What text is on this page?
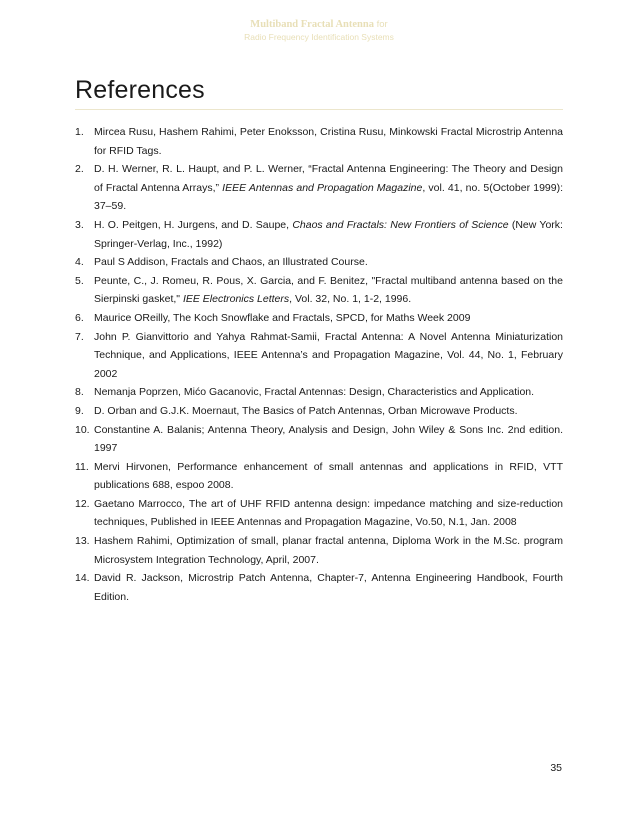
Multiband Fractal Antenna for
Radio Frequency Identification Systems
References
1. Mircea Rusu, Hashem Rahimi, Peter Enoksson, Cristina Rusu, Minkowski Fractal Microstrip Antenna for RFID Tags.
2. D. H. Werner, R. L. Haupt, and P. L. Werner, “Fractal Antenna Engineering: The Theory and Design of Fractal Antenna Arrays,” IEEE Antennas and Propagation Magazine, vol. 41, no. 5(October 1999): 37–59.
3. H. O. Peitgen, H. Jurgens, and D. Saupe, Chaos and Fractals: New Frontiers of Science (New York: Springer-Verlag, Inc., 1992)
4. Paul S Addison, Fractals and Chaos, an Illustrated Course.
5. Peunte, C., J. Romeu, R. Pous, X. Garcia, and F. Benitez, "Fractal multiband antenna based on the Sierpinski gasket," IEE Electronics Letters, Vol. 32, No. 1, 1-2, 1996.
6. Maurice OReilly, The Koch Snowflake and Fractals, SPCD, for Maths Week 2009
7. John P. Gianvittorio and Yahya Rahmat-Samii, Fractal Antenna: A Novel Antenna Miniaturization Technique, and Applications, IEEE Antenna’s and Propagation Magazine, Vol. 44, No. 1, February 2002
8. Nemanja Poprzen, Mićo Gacanovic, Fractal Antennas: Design, Characteristics and Application.
9. D. Orban and G.J.K. Moernaut, The Basics of Patch Antennas, Orban Microwave Products.
10. Constantine A. Balanis; Antenna Theory, Analysis and Design, John Wiley & Sons Inc. 2nd edition. 1997
11. Mervi Hirvonen, Performance enhancement of small antennas and applications in RFID, VTT publications 688, espoo 2008.
12. Gaetano Marrocco, The art of UHF RFID antenna design: impedance matching and size-reduction techniques, Published in IEEE Antennas and Propagation Magazine, Vo.50, N.1, Jan. 2008
13. Hashem Rahimi, Optimization of small, planar fractal antenna, Diploma Work in the M.Sc. program Microsystem Integration Technology, April, 2007.
14. David R. Jackson, Microstrip Patch Antenna, Chapter-7, Antenna Engineering Handbook, Fourth Edition.
35
